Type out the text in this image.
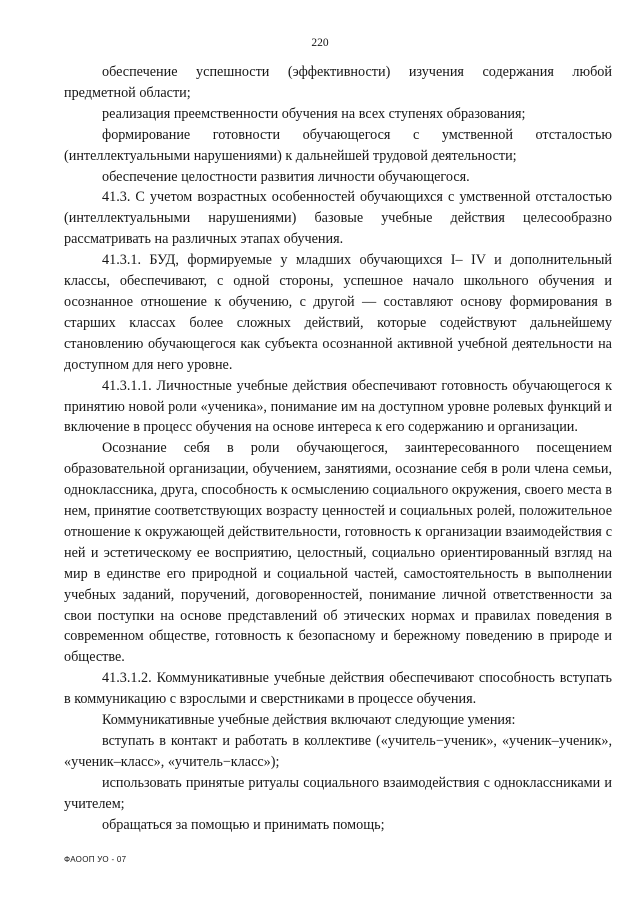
220

обеспечение успешности (эффективности) изучения содержания любой предметной области;

реализация преемственности обучения на всех ступенях образования;

формирование готовности обучающегося с умственной отсталостью (интеллектуальными нарушениями) к дальнейшей трудовой деятельности;

обеспечение целостности развития личности обучающегося.

41.3. С учетом возрастных особенностей обучающихся с умственной отсталостью (интеллектуальными нарушениями) базовые учебные действия целесообразно рассматривать на различных этапах обучения.

41.3.1. БУД, формируемые у младших обучающихся I– IV и дополнительный классы, обеспечивают, с одной стороны, успешное начало школьного обучения и осознанное отношение к обучению, с другой — составляют основу формирования в старших классах более сложных действий, которые содействуют дальнейшему становлению обучающегося как субъекта осознанной активной учебной деятельности на доступном для него уровне.

41.3.1.1. Личностные учебные действия обеспечивают готовность обучающегося к принятию новой роли «ученика», понимание им на доступном уровне ролевых функций и включение в процесс обучения на основе интереса к его содержанию и организации.

Осознание себя в роли обучающегося, заинтересованного посещением образовательной организации, обучением, занятиями, осознание себя в роли члена семьи, одноклассника, друга, способность к осмыслению социального окружения, своего места в нем, принятие соответствующих возрасту ценностей и социальных ролей, положительное отношение к окружающей действительности, готовность к организации взаимодействия с ней и эстетическому ее восприятию, целостный, социально ориентированный взгляд на мир в единстве его природной и социальной частей, самостоятельность в выполнении учебных заданий, поручений, договоренностей, понимание личной ответственности за свои поступки на основе представлений об этических нормах и правилах поведения в современном обществе, готовность к безопасному и бережному поведению в природе и обществе.

41.3.1.2. Коммуникативные учебные действия обеспечивают способность вступать в коммуникацию с взрослыми и сверстниками в процессе обучения.

Коммуникативные учебные действия включают следующие умения:

вступать в контакт и работать в коллективе («учитель−ученик», «ученик–ученик», «ученик–класс», «учитель−класс»);

использовать принятые ритуалы социального взаимодействия с одноклассниками и учителем;

обращаться за помощью и принимать помощь;

ФАООП УО - 07
